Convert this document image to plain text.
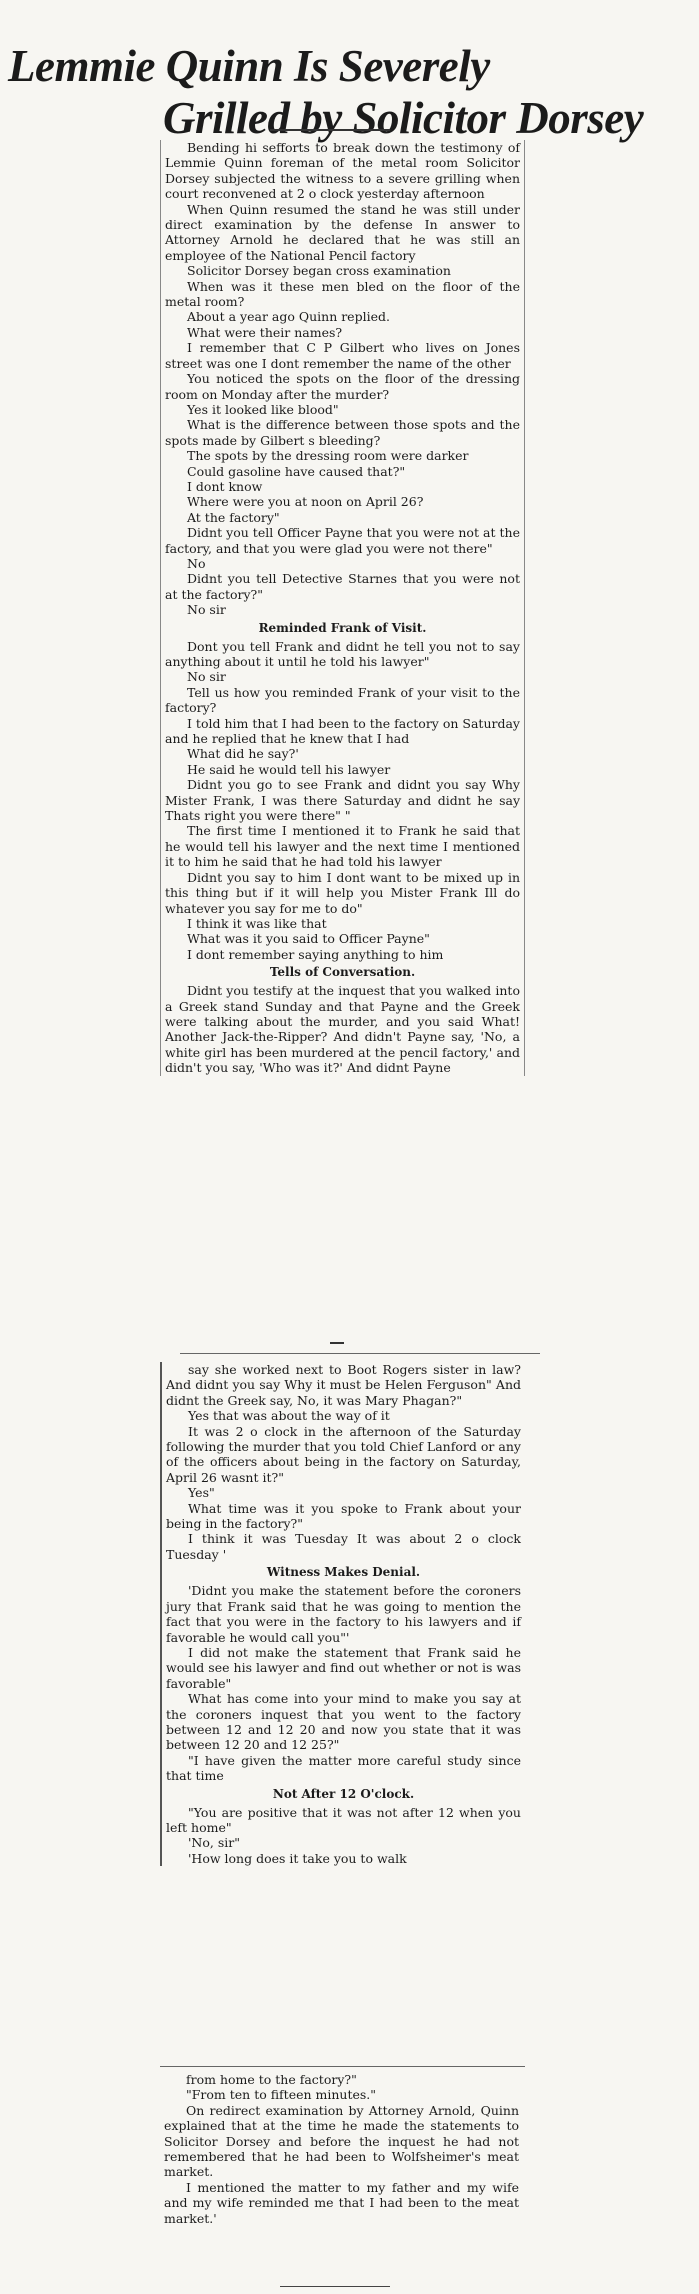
Lemmie Quinn Is Severely
Grilled by Solicitor Dorsey

Bending hi sefforts to break down the testimony of Lemmie Quinn foreman of the metal room Solicitor Dorsey subjected the witness to a severe grilling when court reconvened at 2 o clock yesterday afternoon

When Quinn resumed the stand he was still under direct examination by the defense In answer to Attorney Arnold he declared that he was still an employee of the National Pencil factory

Solicitor Dorsey began cross examination

When was it these men bled on the floor of the metal room?

About a year ago Quinn replied.

What were their names?

I remember that C P Gilbert who lives on Jones street was one I dont remember the name of the other

You noticed the spots on the floor of the dressing room on Monday after the murder?

Yes it looked like blood"

What is the difference between those spots and the spots made by Gilbert s bleeding?

The spots by the dressing room were darker

Could gasoline have caused that?"

I dont know

Where were you at noon on April 26?

At the factory"

Didnt you tell Officer Payne that you were not at the factory, and that you were glad you were not there"

No

Didnt you tell Detective Starnes that you were not at the factory?"

No sir

Reminded Frank of Visit.

Dont you tell Frank and didnt he tell you not to say anything about it until he told his lawyer"

No sir

Tell us how you reminded Frank of your visit to the factory?

I told him that I had been to the factory on Saturday and he replied that he knew that I had

What did he say?'

He said he would tell his lawyer

Didnt you go to see Frank and didnt you say Why Mister Frank, I was there Saturday and didnt he say Thats right you were there" "

The first time I mentioned it to Frank he said that he would tell his lawyer and the next time I mentioned it to him he said that he had told his lawyer

Didnt you say to him I dont want to be mixed up in this thing but if it will help you Mister Frank Ill do whatever you say for me to do"

I think it was like that

What was it you said to Officer Payne"

I dont remember saying anything to him

Tells of Conversation.

Didnt you testify at the inquest that you walked into a Greek stand Sunday and that Payne and the Greek were talking about the murder, and you said What! Another Jack-the-Ripper? And didn't Payne say, 'No, a white girl has been murdered at the pencil factory,' and didn't you say, 'Who was it?' And didnt Payne

say she worked next to Boot Rogers sister in law? And didnt you say Why it must be Helen Ferguson" And didnt the Greek say, No, it was Mary Phagan?"

Yes that was about the way of it

It was 2 o clock in the afternoon of the Saturday following the murder that you told Chief Lanford or any of the officers about being in the factory on Saturday, April 26 wasnt it?"

Yes"

What time was it you spoke to Frank about your being in the factory?"

I think it was Tuesday It was about 2 o clock Tuesday '

Witness Makes Denial.

'Didnt you make the statement before the coroners jury that Frank said that he was going to mention the fact that you were in the factory to his lawyers and if favorable he would call you"'

I did not make the statement that Frank said he would see his lawyer and find out whether or not is was favorable"

What has come into your mind to make you say at the coroners inquest that you went to the factory between 12 and 12 20 and now you state that it was between 12 20 and 12 25?"

"I have given the matter more careful study since that time

Not After 12 O'clock.

"You are positive that it was not after 12 when you left home"

'No, sir"

'How long does it take you to walk

from home to the factory?"

"From ten to fifteen minutes."

On redirect examination by Attorney Arnold, Quinn explained that at the time he made the statements to Solicitor Dorsey and before the inquest he had not remembered that he had been to Wolfsheimer's meat market.

I mentioned the matter to my father and my wife and my wife reminded me that I had been to the meat market.'
